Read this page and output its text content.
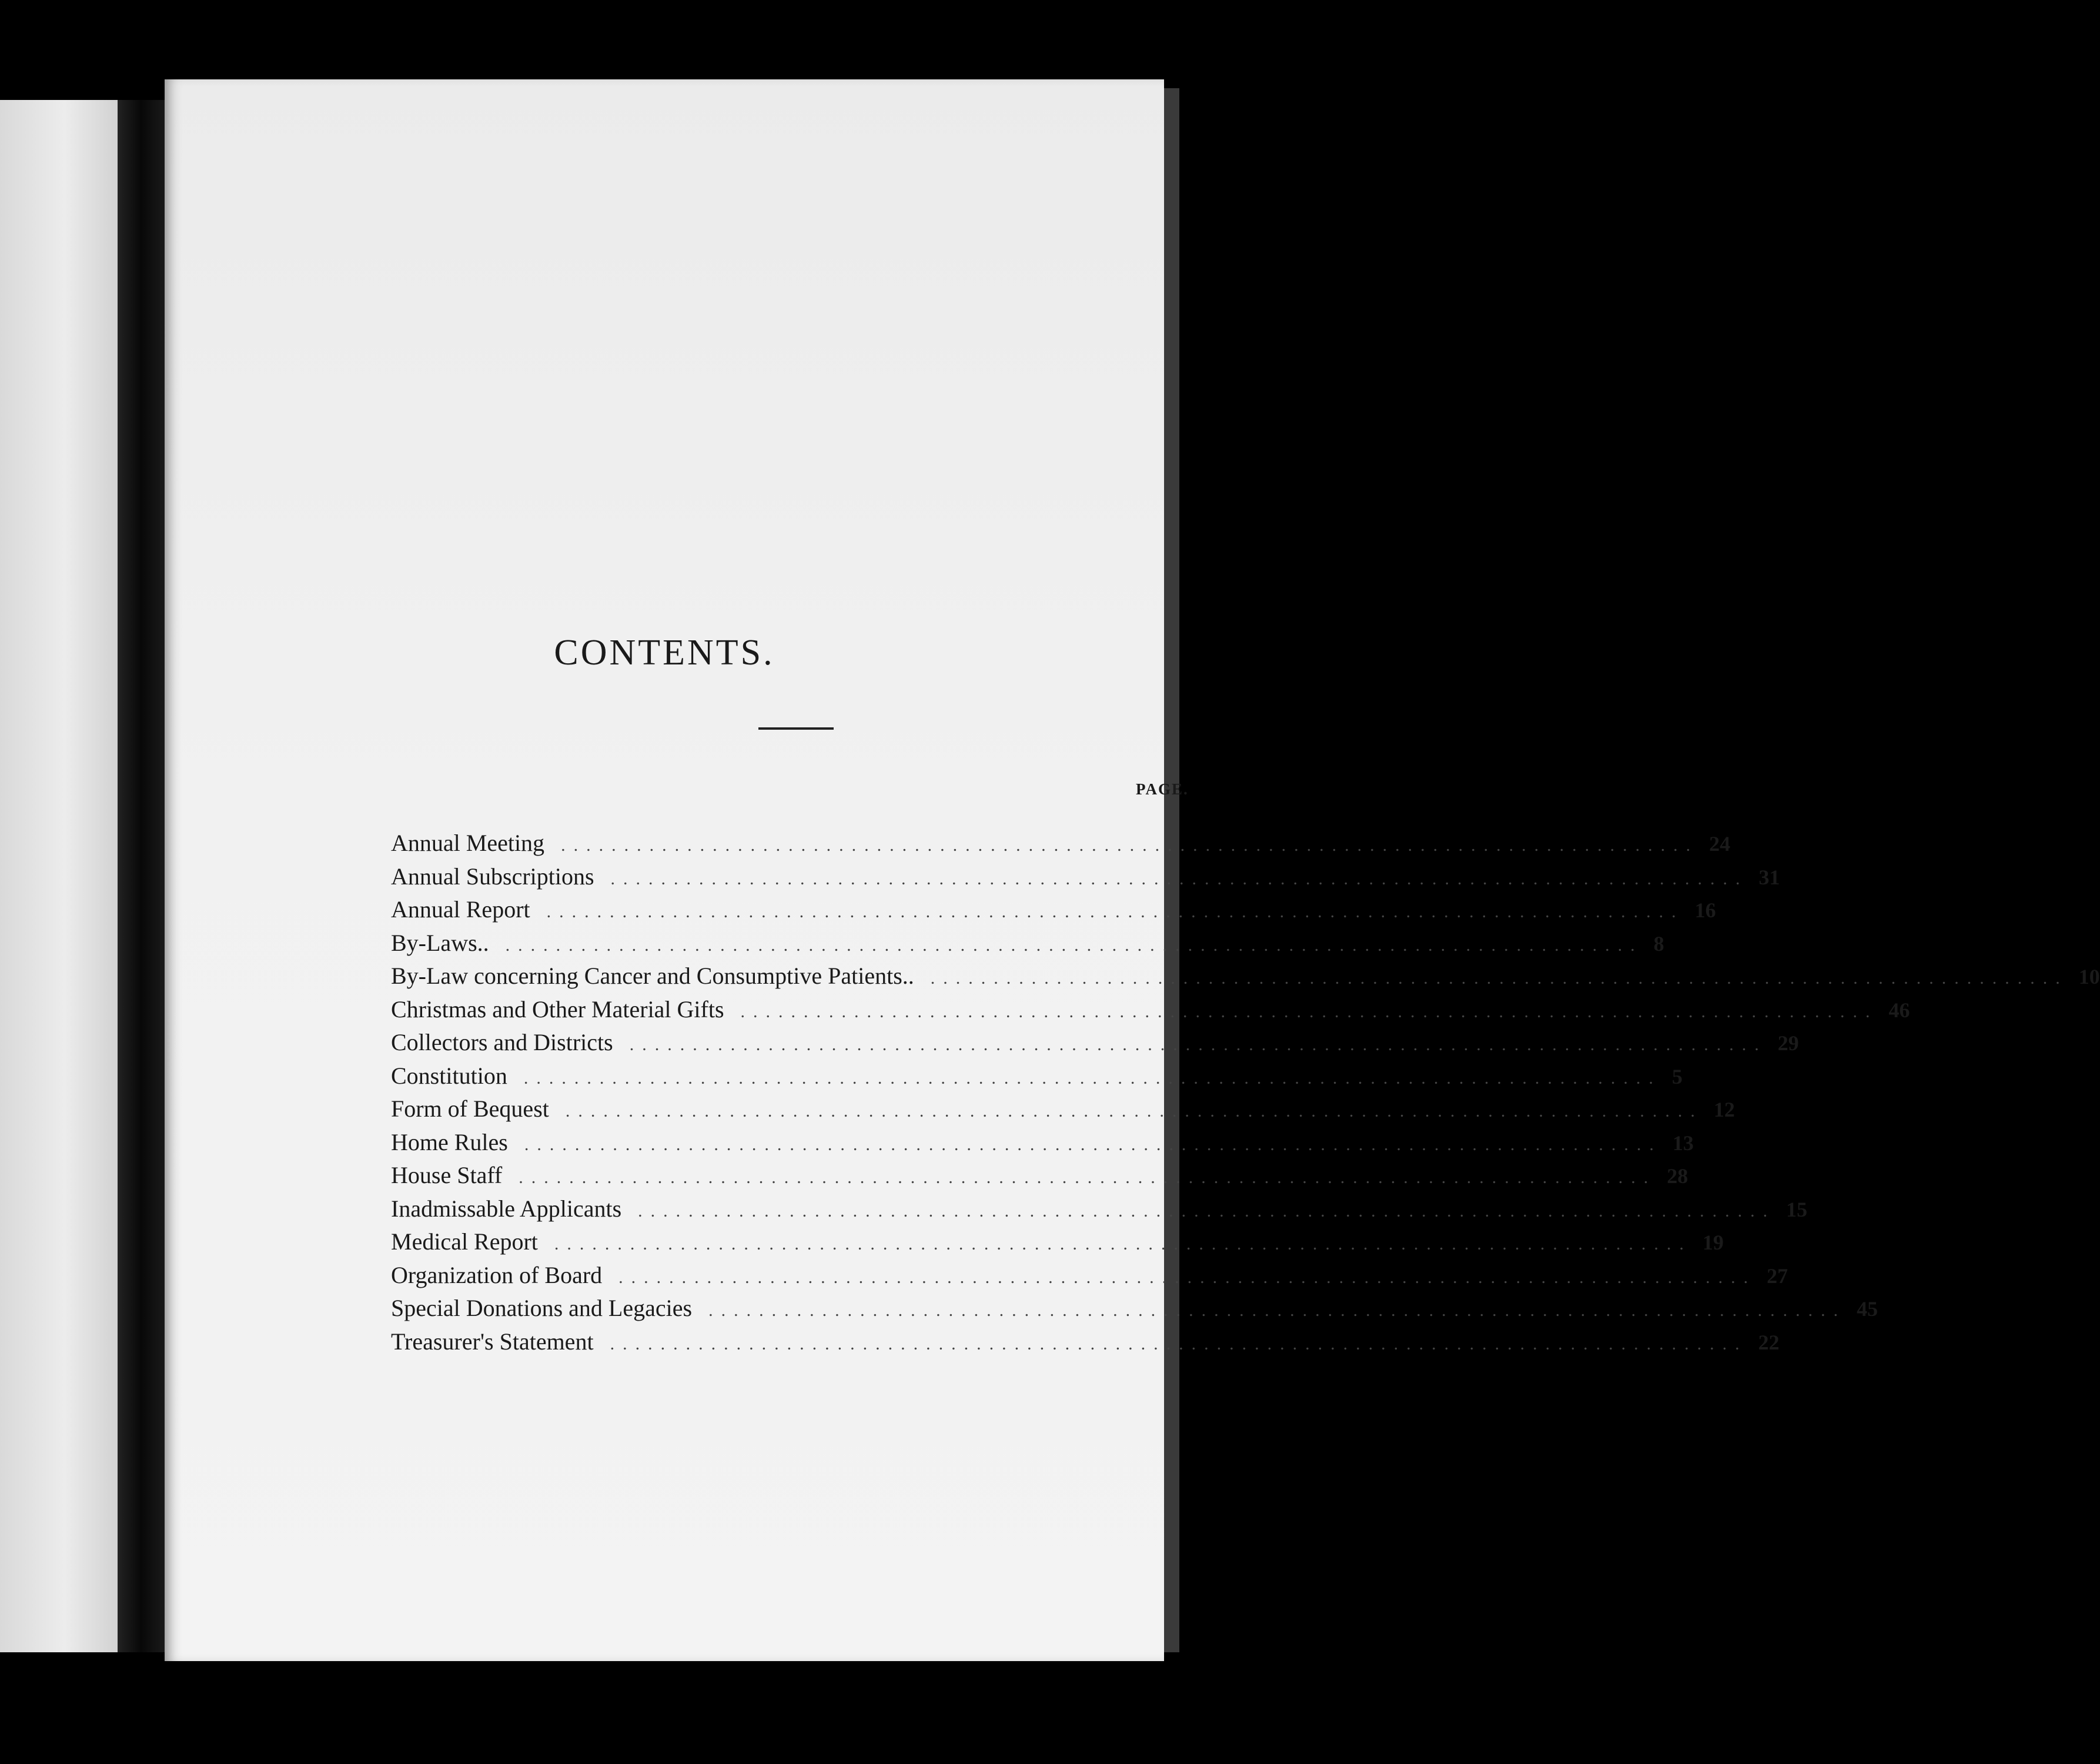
CONTENTS.
PAGE.
Annual Meeting .......................................................................................... 24
Annual Subscriptions .......................................................................................... 31
Annual Report .......................................................................................... 16
By-Laws.. .......................................................................................... 8
By-Law concerning Cancer and Consumptive Patients.. .......................................................................................... 10
Christmas and Other Material Gifts .......................................................................................... 46
Collectors and Districts .......................................................................................... 29
Constitution .......................................................................................... 5
Form of Bequest .......................................................................................... 12
Home Rules .......................................................................................... 13
House Staff .......................................................................................... 28
Inadmissable Applicants .......................................................................................... 15
Medical Report .......................................................................................... 19
Organization of Board .......................................................................................... 27
Special Donations and Legacies .......................................................................................... 45
Treasurer's Statement .......................................................................................... 22
